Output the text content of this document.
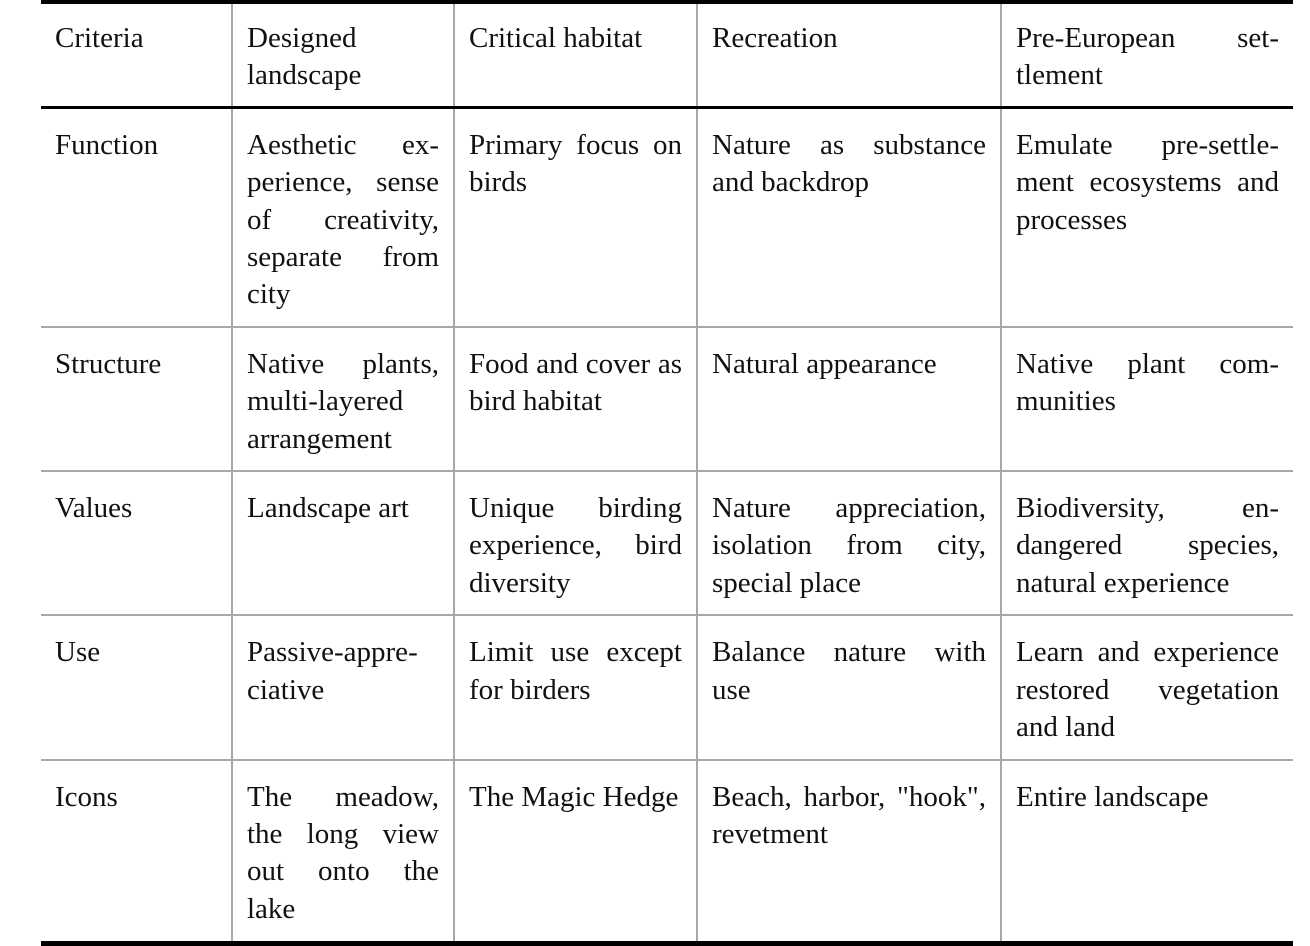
Criteria	Designed landscape	Critical habitat	Recreation	Pre-European settlement
Function	Aesthetic experience, sense of creativity, separate from city	Primary focus on birds	Nature as substance and backdrop	Emulate pre-settlement ecosystems and processes
Structure	Native plants, multi-layered arrangement	Food and cover as bird habitat	Natural appearance	Native plant communities
Values	Landscape art	Unique birding experience, bird diversity	Nature appreciation, isolation from city, special place	Biodiversity, endangered species, natural experience
Use	Passive-appreciative	Limit use except for birders	Balance nature with use	Learn and experience restored vegetation and land
Icons	The meadow, the long view out onto the lake	The Magic Hedge	Beach, harbor, "hook", revetment	Entire landscape
